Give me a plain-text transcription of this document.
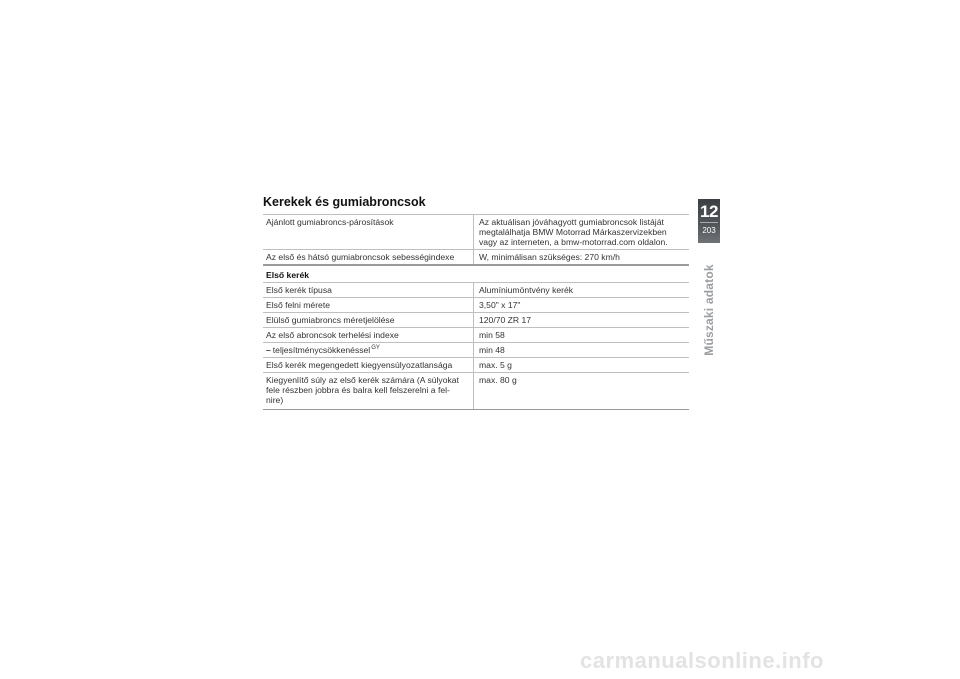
Kerekek és gumiabroncsok
Ajánlott gumiabroncs-párosítások	Az aktuálisan jóváhagyott gumiabroncsok listáját megtalálhatja BMW Motorrad Márkaszervizekben vagy az interneten, a bmw-motorrad.com oldalon.
Az első és hátsó gumiabroncsok sebességindexe	W, minimálisan szükséges: 270 km/h
Első kerék	
Első kerék típusa	Alumíniumöntvény kerék
Első felni mérete	3,50" x 17"
Elülső gumiabroncs méretjelölése	120/70 ZR 17
Az első abroncsok terhelési indexe	min 58
– teljesítménycsökkenéssel$^{GY}$	min 48
Első kerék megengedett kiegyensúlyozatlansága	max. 5 g
Kiegyenlítő súly az első kerék számára (A súlyokat fele részben jobbra és balra kell felszerelni a fel- nire)	max. 80 g
12
203
Műszaki adatok
carmanualsonline.info
